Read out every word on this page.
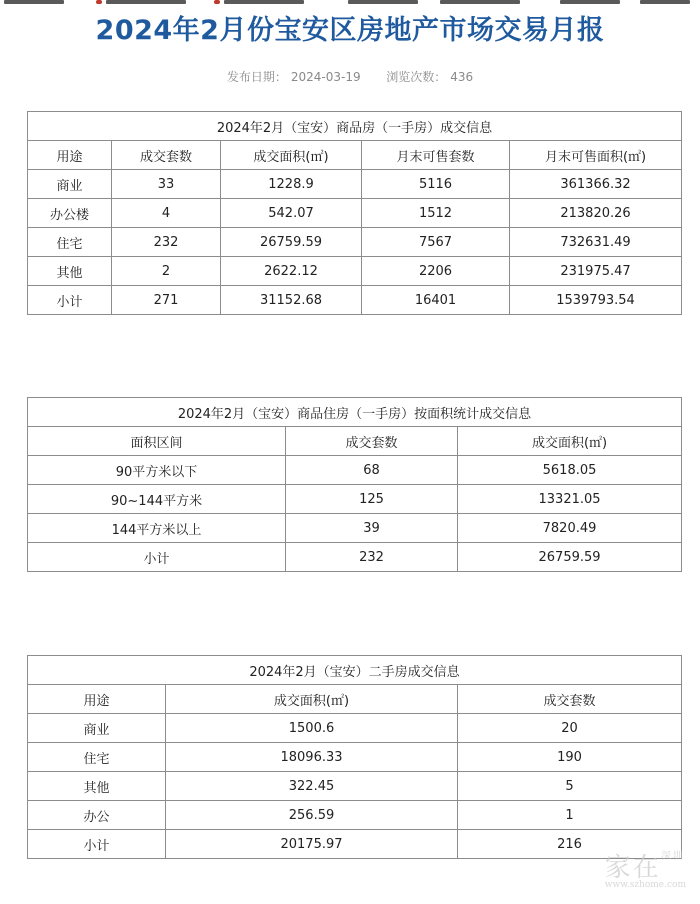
2024年2月份宝安区房地产市场交易月报
发布日期： 2024-03-19 浏览次数： 436
2024年2月（宝安）商品房（一手房）成交信息				
用途	成交套数	成交面积(㎡)	月末可售套数	月末可售面积(㎡)
商业	33	1228.9	5116	361366.32
办公楼	4	542.07	1512	213820.26
住宅	232	26759.59	7567	732631.49
其他	2	2622.12	2206	231975.47
小计	271	31152.68	16401	1539793.54
2024年2月（宝安）商品住房（一手房）按面积统计成交信息		
面积区间	成交套数	成交面积(㎡)
90平方米以下	68	5618.05
90~144平方米	125	13321.05
144平方米以上	39	7820.49
小计	232	26759.59
2024年2月（宝安）二手房成交信息		
用途	成交面积(㎡)	成交套数
商业	1500.6	20
住宅	18096.33	190
其他	322.45	5
办公	256.59	1
小计	20175.97	216
家在$^{深圳}$
www.szhome.com
